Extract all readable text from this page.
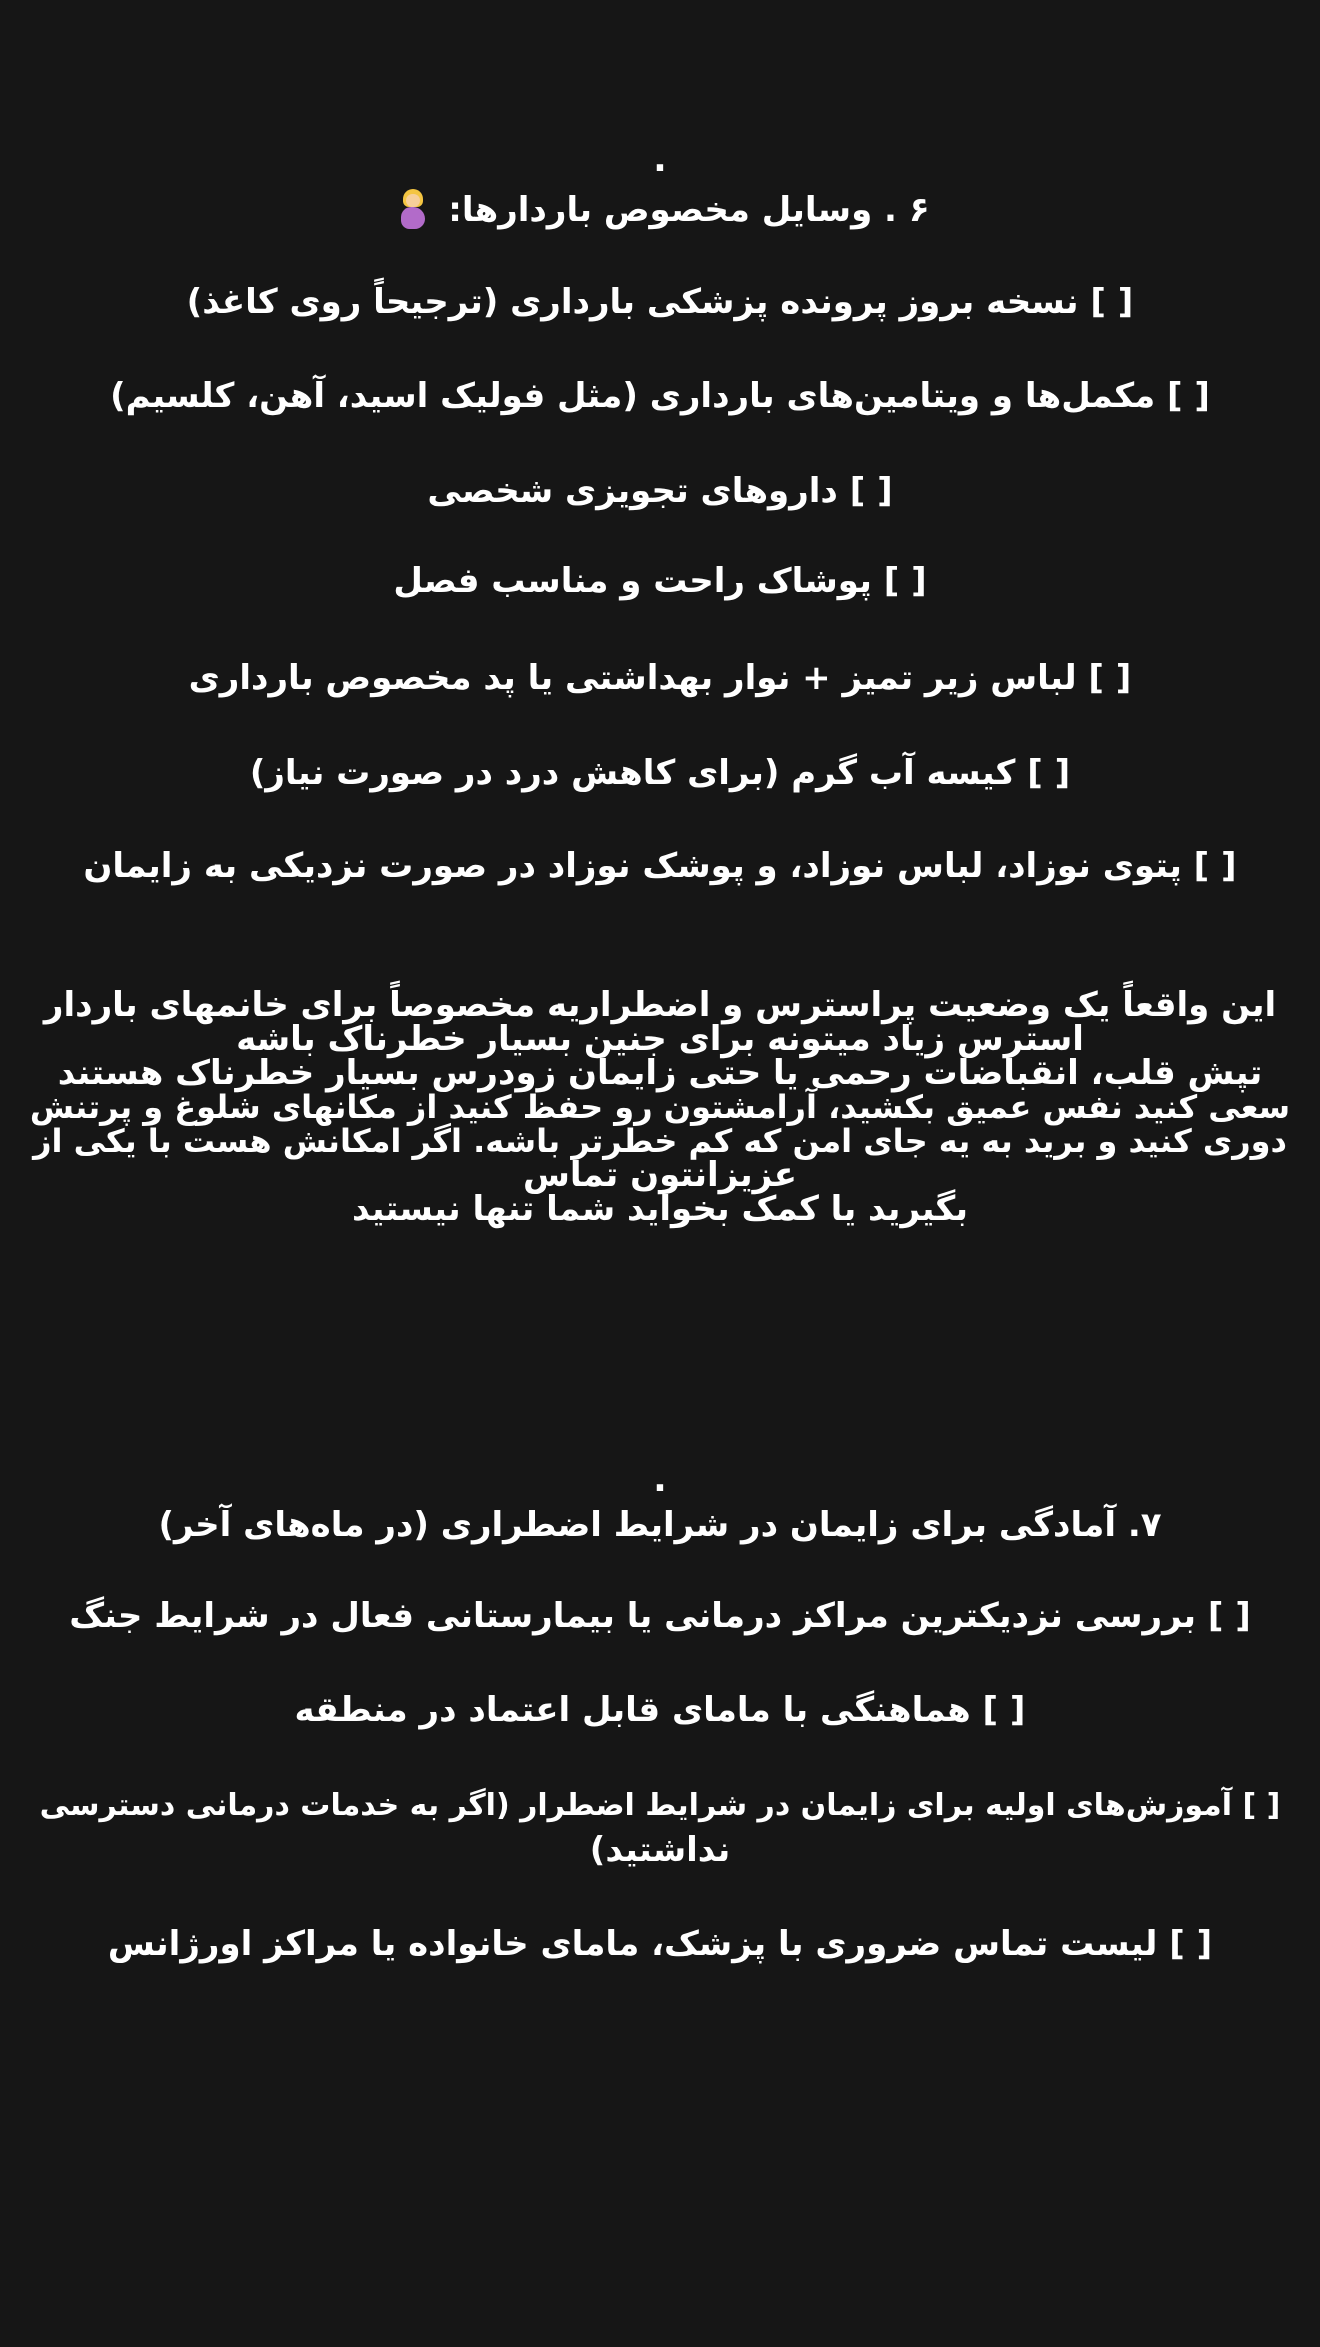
.
۶ . وسایل مخصوص باردارها:
[ ] نسخه بروز پرونده پزشکی بارداری (ترجیحاً روی کاغذ)
[ ] مکمل‌ها و ویتامین‌های بارداری (مثل فولیک اسید، آهن، کلسیم)
[ ] داروهای تجویزی شخصی
[ ] پوشاک راحت و مناسب فصل
[ ] لباس زیر تمیز + نوار بهداشتی یا پد مخصوص بارداری
[ ] کیسه آب گرم (برای کاهش درد در صورت نیاز)
[ ] پتوی نوزاد، لباس نوزاد، و پوشک نوزاد در صورت نزدیکی به زایمان
این واقعاً یک وضعیت پراسترس و اضطراریه مخصوصاً برای خانمهای باردار
استرس زیاد میتونه برای جنین بسیار خطرناک باشه
تپش قلب، انقباضات رحمی یا حتی زایمان زودرس بسیار خطرناک هستند
سعی کنید نفس عمیق بکشید، آرامشتون رو حفظ کنید از مکانهای شلوغ و پرتنش
دوری کنید و برید به یه جای امن که کم خطرتر باشه. اگر امکانش هست با یکی از
عزیزانتون تماس
بگیرید یا کمک بخواید شما تنها نیستید
.
۷. آمادگی برای زایمان در شرایط اضطراری (در ماه‌های آخر)
[ ] بررسی نزدیکترین مراکز درمانی یا بیمارستانی فعال در شرایط جنگ
[ ] هماهنگی با مامای قابل اعتماد در منطقه
[ ] آموزش‌های اولیه برای زایمان در شرایط اضطرار (اگر به خدمات درمانی دسترسی
نداشتید)
[ ] لیست تماس ضروری با پزشک، مامای خانواده یا مراکز اورژانس
